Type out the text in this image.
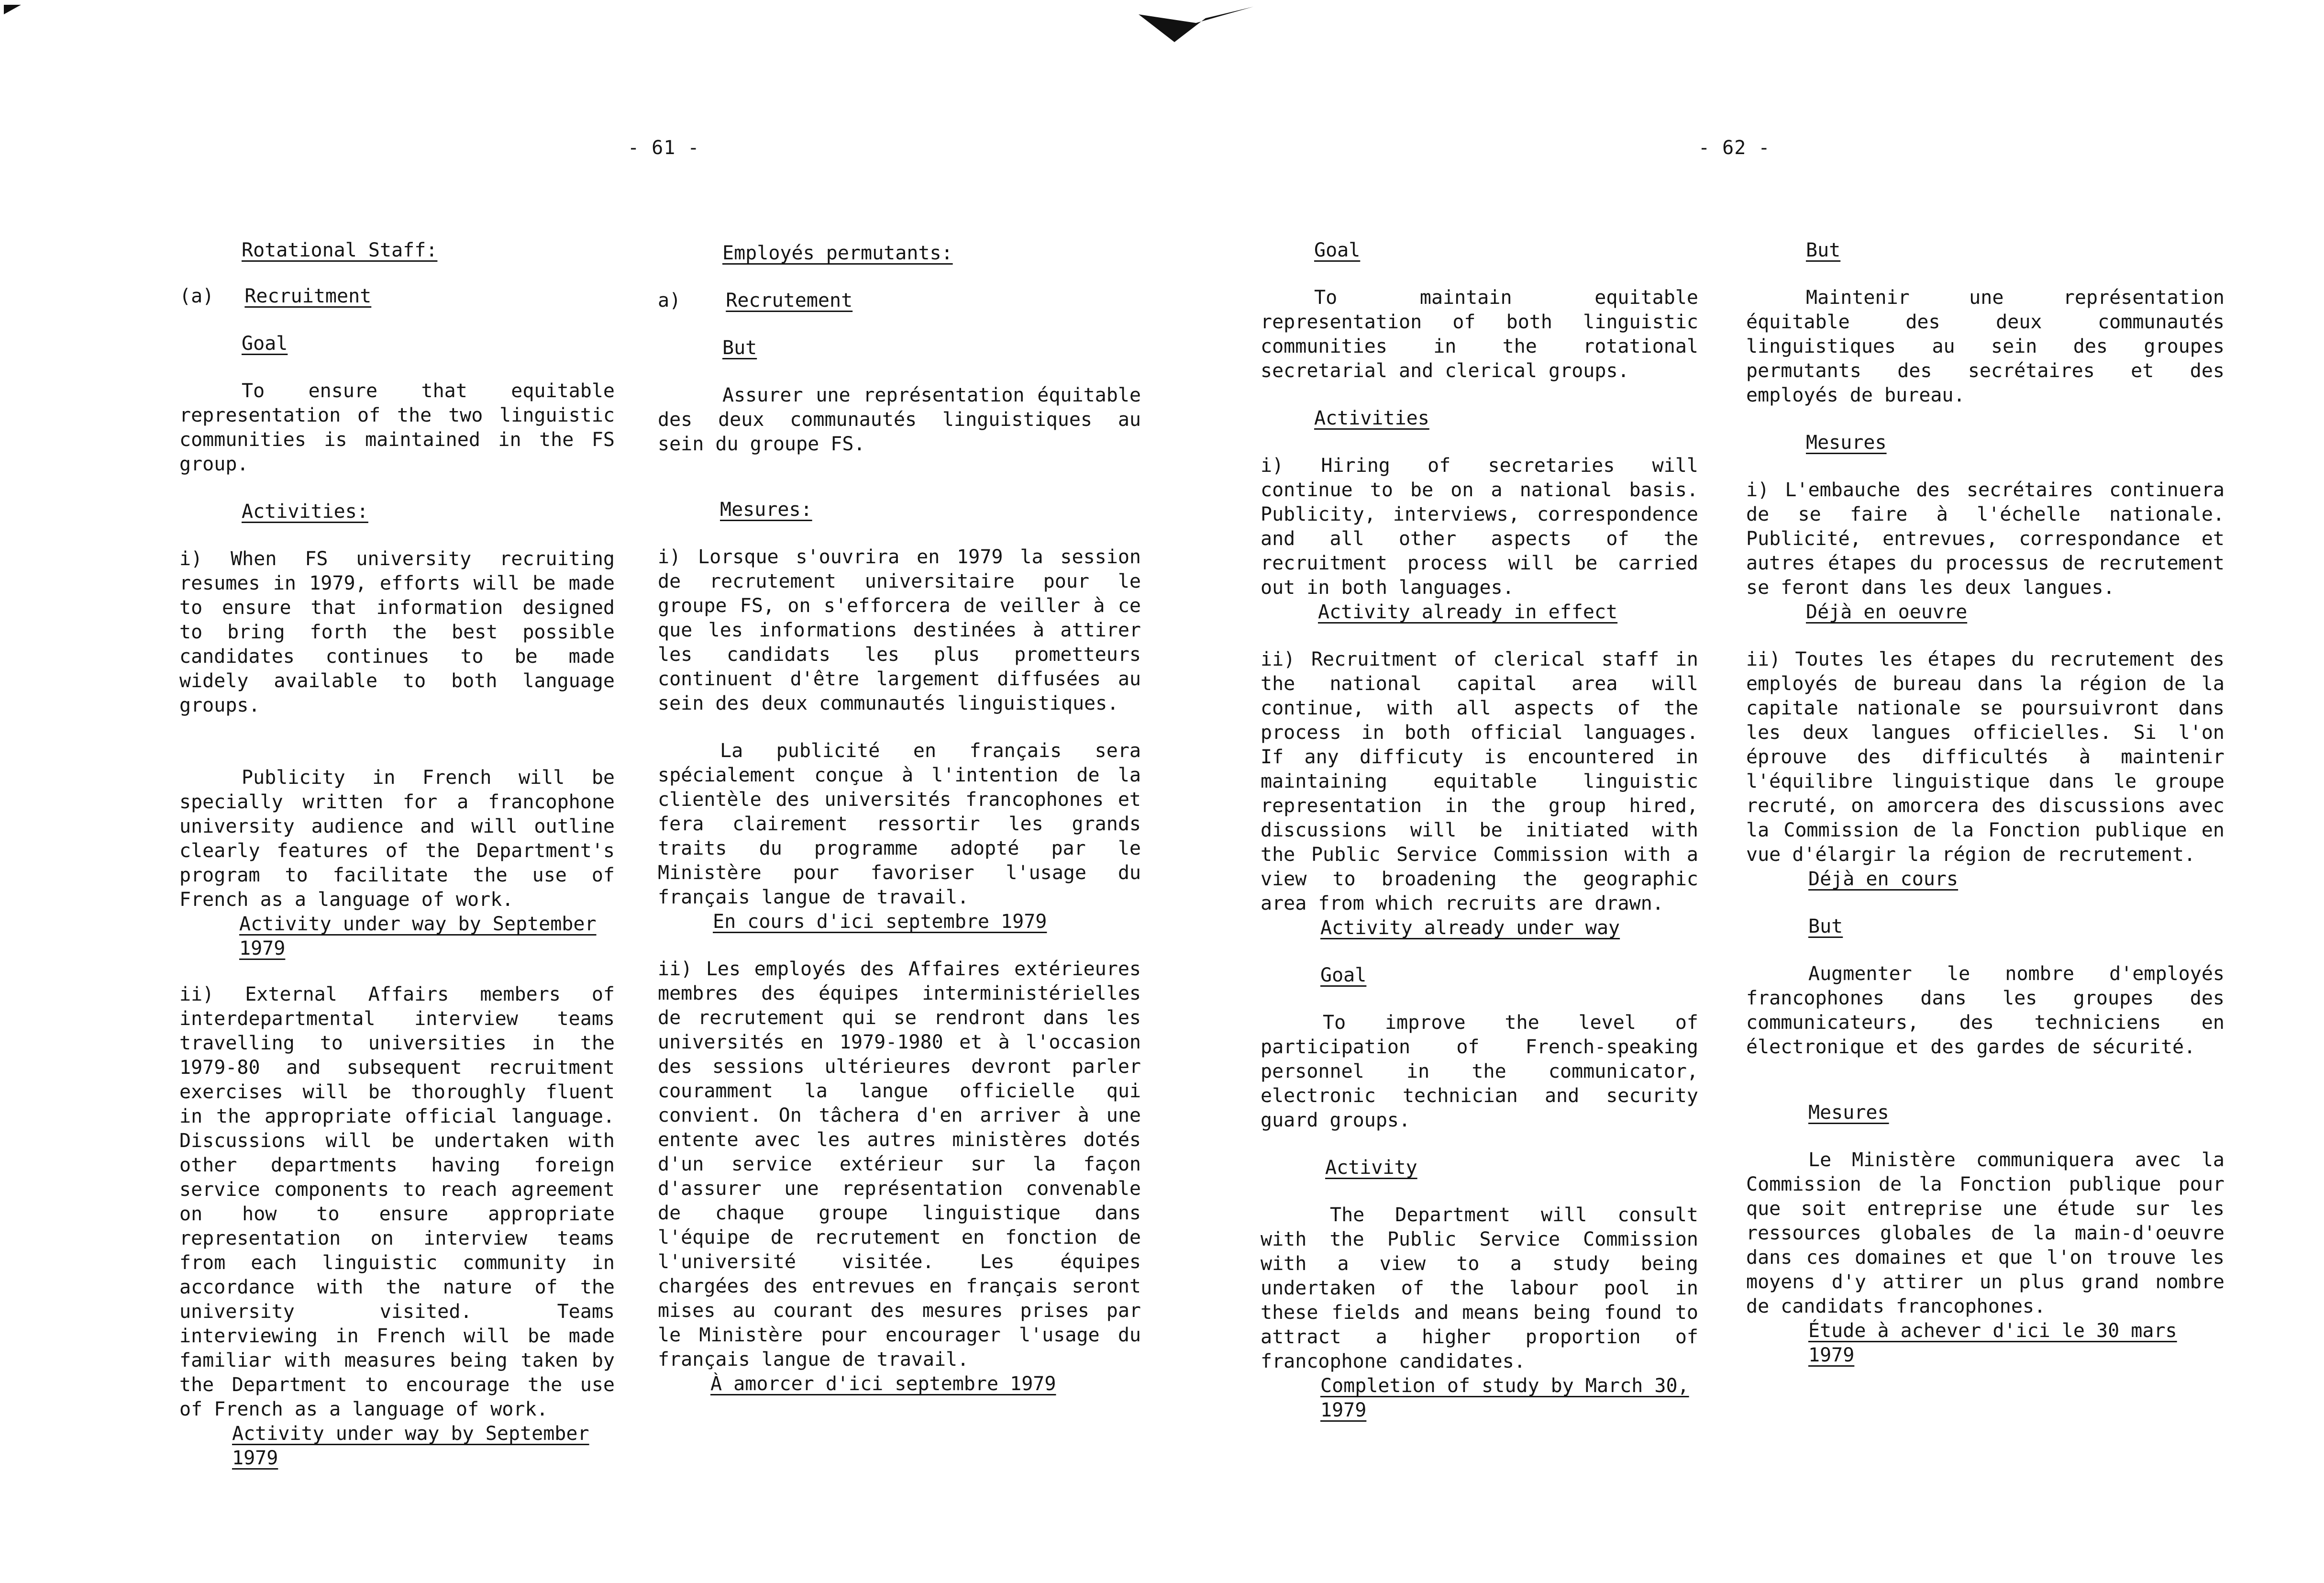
- 61 -
Rotational Staff:
(a) Recruitment
Goal

To ensure that equitable representation of the two linguistic communities is maintained in the FS group.

Activities:

i) When FS university recruiting resumes in 1979, efforts will be made to ensure that information designed to bring forth the best possible candidates continues to be made widely available to both language groups.

Publicity in French will be specially written for a francophone university audience and will outline clearly features of the Department's program to facilitate the use of French as a language of work.

Activity under way by September 1979

ii) External Affairs members of interdepartmental interview teams travelling to universities in the 1979-80 and subsequent recruitment exercises will be thoroughly fluent in the appropriate official language. Discussions will be undertaken with other departments having foreign service components to reach agreement on how to ensure appropriate representation on interview teams from each linguistic community in accordance with the nature of the university visited. Teams interviewing in French will be made familiar with measures being taken by the Department to encourage the use of French as a language of work.

Activity under way by September 1979
Employés permutants:
a) Recrutement
But

Assurer une représentation équitable des deux communautés linguistiques au sein du groupe FS.

Mesures:

i) Lorsque s'ouvrira en 1979 la session de recrutement universitaire pour le groupe FS, on s'efforcera de veiller à ce que les informations destinées à attirer les candidats les plus prometteurs continuent d'être largement diffusées au sein des deux communautés linguistiques.

La publicité en français sera spécialement conçue à l'intention de la clientèle des universités francophones et fera clairement ressortir les grands traits du programme adopté par le Ministère pour favoriser l'usage du français langue de travail.

En cours d'ici septembre 1979

ii) Les employés des Affaires extérieures membres des équipes interministérielles de recrutement qui se rendront dans les universités en 1979-1980 et à l'occasion des sessions ultérieures devront parler couramment la langue officielle qui convient. On tâchera d'en arriver à une entente avec les autres ministères dotés d'un service extérieur sur la façon d'assurer une représentation convenable de chaque groupe linguistique dans l'équipe de recrutement en fonction de l'université visitée. Les équipes chargées des entrevues en français seront mises au courant des mesures prises par le Ministère pour encourager l'usage du français langue de travail.

À amorcer d'ici septembre 1979
- 62 -
Goal

To maintain equitable representation of both linguistic communities in the rotational secretarial and clerical groups.

Activities

i) Hiring of secretaries will continue to be on a national basis. Publicity, interviews, correspondence and all other aspects of the recruitment process will be carried out in both languages.

Activity already in effect

ii) Recruitment of clerical staff in the national capital area will continue, with all aspects of the process in both official languages. If any difficuty is encountered in maintaining equitable linguistic representation in the group hired, discussions will be initiated with the Public Service Commission with a view to broadening the geographic area from which recruits are drawn.

Activity already under way
Goal

To improve the level of participation of French-speaking personnel in the communicator, electronic technician and security guard groups.

Activity

The Department will consult with the Public Service Commission with a view to a study being undertaken of the labour pool in these fields and means being found to attract a higher proportion of francophone candidates.

Completion of study by March 30, 1979
But

Maintenir une représentation équitable des deux communautés linguistiques au sein des groupes permutants des secrétaires et des employés de bureau.

Mesures

i) L'embauche des secrétaires continuera de se faire à l'échelle nationale. Publicité, entrevues, correspondance et autres étapes du processus de recrutement se feront dans les deux langues.

Déjà en oeuvre

ii) Toutes les étapes du recrutement des employés de bureau dans la région de la capitale nationale se poursuivront dans les deux langues officielles. Si l'on éprouve des difficultés à maintenir l'équilibre linguistique dans le groupe recruté, on amorcera des discussions avec la Commission de la Fonction publique en vue d'élargir la région de recrutement.

Déjà en cours
But

Augmenter le nombre d'employés francophones dans les groupes des communicateurs, des techniciens en électronique et des gardes de sécurité.

Mesures

Le Ministère communiquera avec la Commission de la Fonction publique pour que soit entreprise une étude sur les ressources globales de la main-d'oeuvre dans ces domaines et que l'on trouve les moyens d'y attirer un plus grand nombre de candidats francophones.

Étude à achever d'ici le 30 mars 1979
